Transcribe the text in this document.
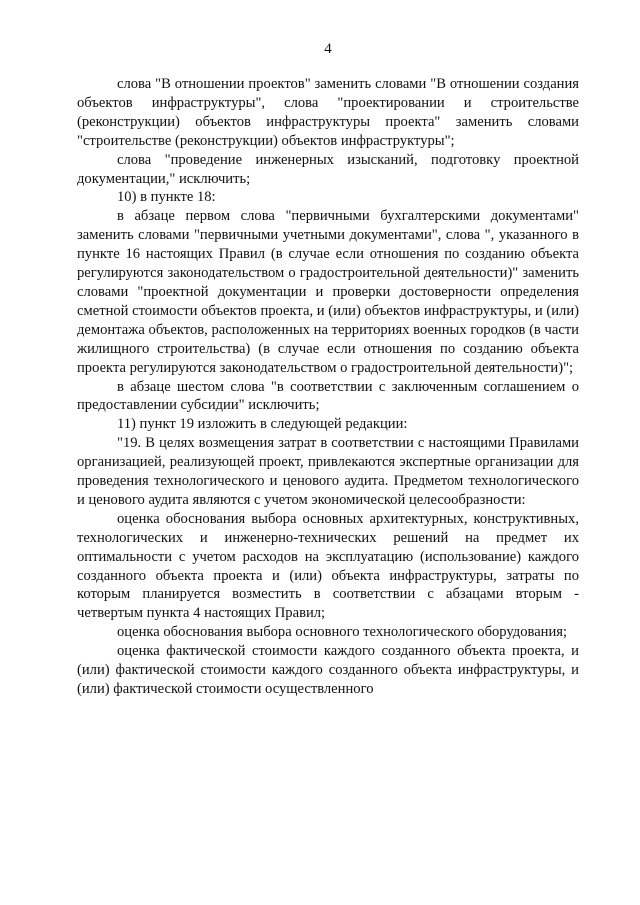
4

слова "В отношении проектов" заменить словами "В отношении создания объектов инфраструктуры", слова "проектировании и строительстве (реконструкции) объектов инфраструктуры проекта" заменить словами "строительстве (реконструкции) объектов инфраструктуры";

слова "проведение инженерных изысканий, подготовку проектной документации," исключить;

10) в пункте 18:

в абзаце первом слова "первичными бухгалтерскими документами" заменить словами "первичными учетными документами", слова ", указанного в пункте 16 настоящих Правил (в случае если отношения по созданию объекта регулируются законодательством о градостроительной деятельности)" заменить словами "проектной документации и проверки достоверности определения сметной стоимости объектов проекта, и (или) объектов инфраструктуры, и (или) демонтажа объектов, расположенных на территориях военных городков (в части жилищного строительства) (в случае если отношения по созданию объекта проекта регулируются законодательством о градостроительной деятельности)";

в абзаце шестом слова "в соответствии с заключенным соглашением о предоставлении субсидии" исключить;

11) пункт 19 изложить в следующей редакции:

"19. В целях возмещения затрат в соответствии с настоящими Правилами организацией, реализующей проект, привлекаются экспертные организации для проведения технологического и ценового аудита. Предметом технологического и ценового аудита являются с учетом экономической целесообразности:

оценка обоснования выбора основных архитектурных, конструктивных, технологических и инженерно-технических решений на предмет их оптимальности с учетом расходов на эксплуатацию (использование) каждого созданного объекта проекта и (или) объекта инфраструктуры, затраты по которым планируется возместить в соответствии с абзацами вторым - четвертым пункта 4 настоящих Правил;

оценка обоснования выбора основного технологического оборудования;

оценка фактической стоимости каждого созданного объекта проекта, и (или) фактической стоимости каждого созданного объекта инфраструктуры, и (или) фактической стоимости осуществленного
